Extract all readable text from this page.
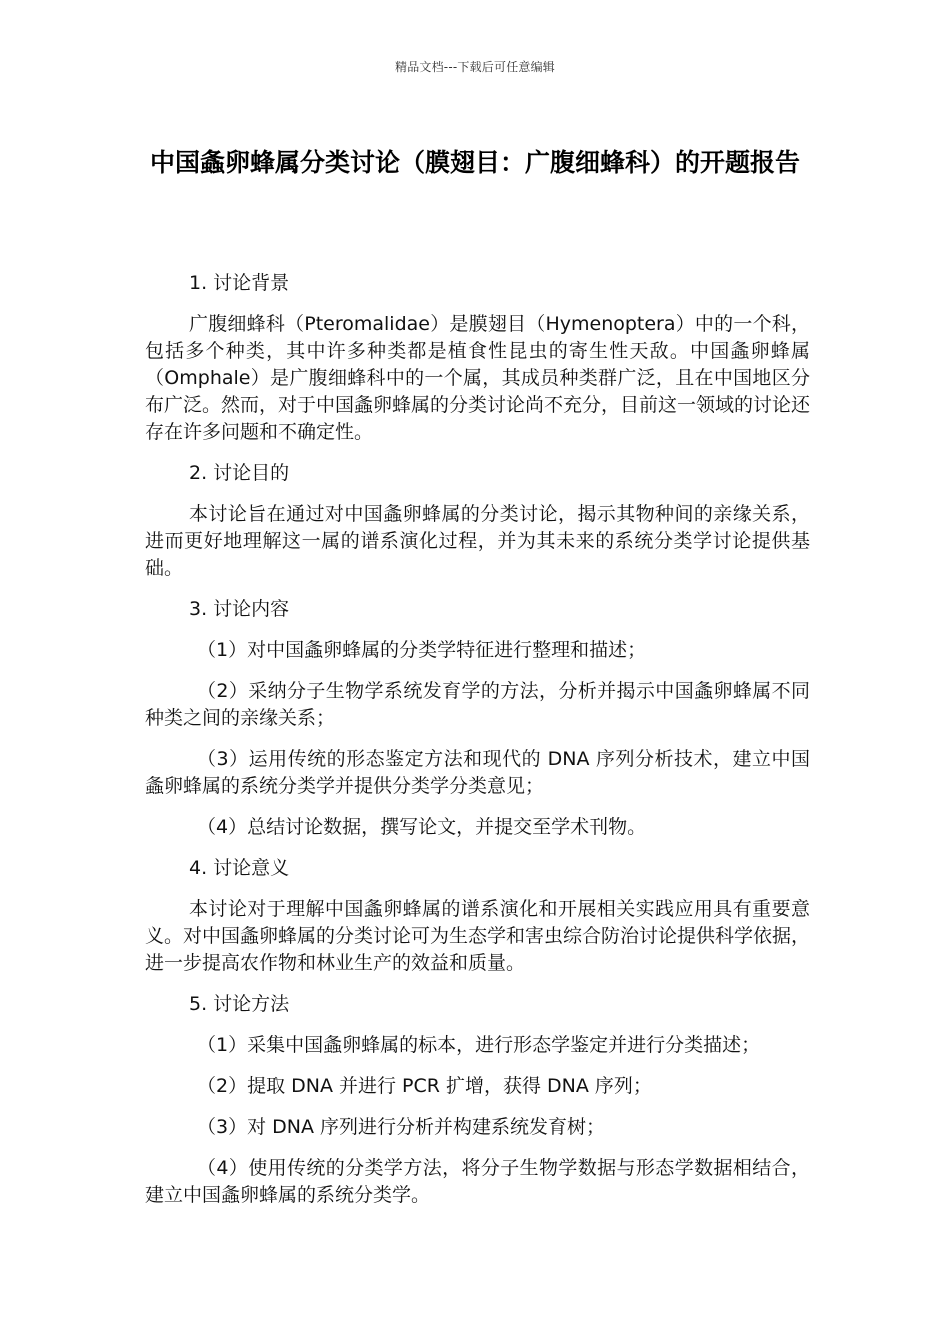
精品文档---下载后可任意编辑
中国螽卵蜂属分类讨论（膜翅目：广腹细蜂科）的开题报告

1. 讨论背景

广腹细蜂科（Pteromalidae）是膜翅目（Hymenoptera）中的一个科，包括多个种类，其中许多种类都是植食性昆虫的寄生性天敌。中国螽卵蜂属（Omphale）是广腹细蜂科中的一个属，其成员种类群广泛，且在中国地区分布广泛。然而，对于中国螽卵蜂属的分类讨论尚不充分，目前这一领域的讨论还存在许多问题和不确定性。

2. 讨论目的

本讨论旨在通过对中国螽卵蜂属的分类讨论，揭示其物种间的亲缘关系，进而更好地理解这一属的谱系演化过程，并为其未来的系统分类学讨论提供基础。

3. 讨论内容

（1）对中国螽卵蜂属的分类学特征进行整理和描述；

（2）采纳分子生物学系统发育学的方法，分析并揭示中国螽卵蜂属不同种类之间的亲缘关系；

（3）运用传统的形态鉴定方法和现代的 DNA 序列分析技术，建立中国螽卵蜂属的系统分类学并提供分类学分类意见；

（4）总结讨论数据，撰写论文，并提交至学术刊物。

4. 讨论意义

本讨论对于理解中国螽卵蜂属的谱系演化和开展相关实践应用具有重要意义。对中国螽卵蜂属的分类讨论可为生态学和害虫综合防治讨论提供科学依据，进一步提高农作物和林业生产的效益和质量。

5. 讨论方法

（1）采集中国螽卵蜂属的标本，进行形态学鉴定并进行分类描述；

（2）提取 DNA 并进行 PCR 扩增，获得 DNA 序列；

（3）对 DNA 序列进行分析并构建系统发育树；

（4）使用传统的分类学方法，将分子生物学数据与形态学数据相结合，建立中国螽卵蜂属的系统分类学。
